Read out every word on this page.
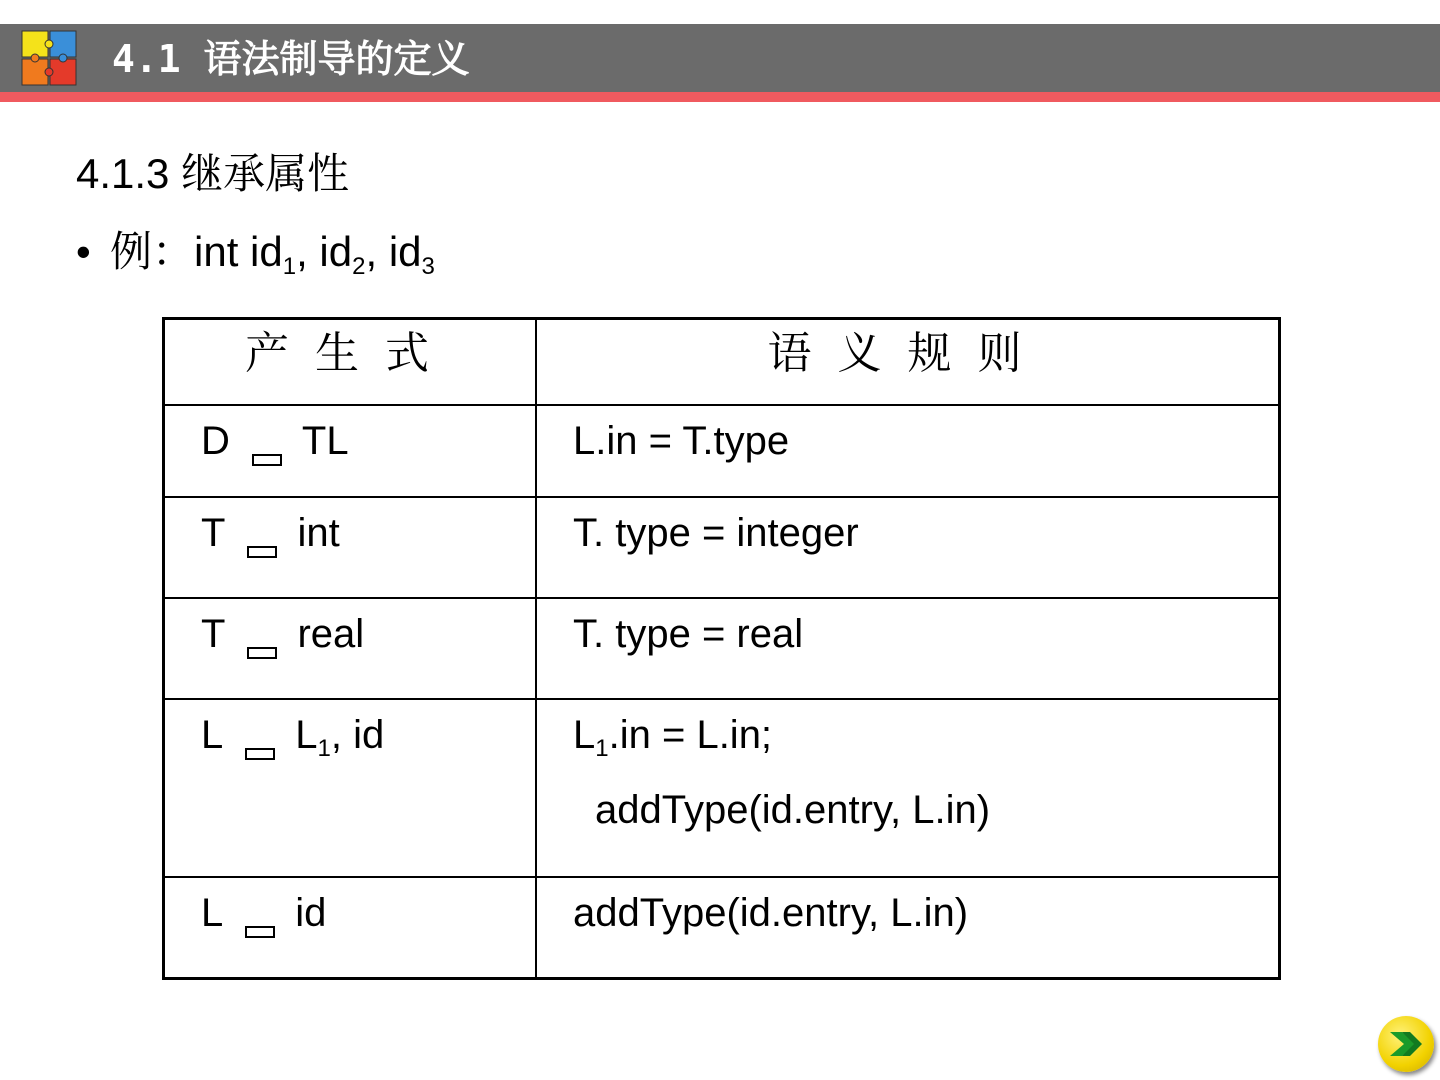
4.1 语法制导的定义
4.1.3 继承属性
• 例：int $id_1$, $id_2$, $id_3$
产生式	语义规则

D TL	L.in = T.type

T int	T. type = integer

T real	T. type = real

L $L_1$, id	$L_1.in = L.in$;
addType(id.entry, L.in)

L id	addType(id.entry, L.in)
